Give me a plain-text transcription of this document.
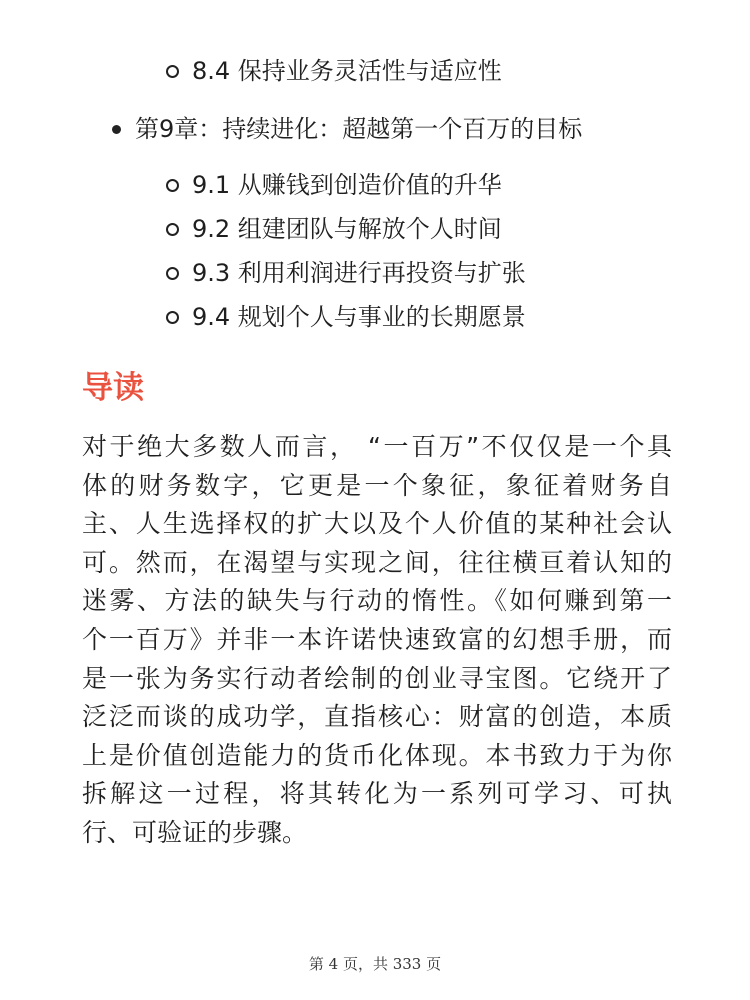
8.4 保持业务灵活性与适应性
第9章：持续进化：超越第一个百万的目标
9.1 从赚钱到创造价值的升华
9.2 组建团队与解放个人时间
9.3 利用利润进行再投资与扩张
9.4 规划个人与事业的长期愿景
导读
对于绝大多数人而言， “一百万”不仅仅是一个具
体的财务数字，它更是一个象征，象征着财务自
主、人生选择权的扩大以及个人价值的某种社会认
可。然而，在渴望与实现之间，往往横亘着认知的
迷雾、方法的缺失与行动的惰性。《如何赚到第一
个一百万》并非一本许诺快速致富的幻想手册，而
是一张为务实行动者绘制的创业寻宝图。它绕开了
泛泛而谈的成功学，直指核心：财富的创造，本质
上是价值创造能力的货币化体现。本书致力于为你
拆解这一过程，将其转化为一系列可学习、可执
行、可验证的步骤。
第 4 页，共 333 页
